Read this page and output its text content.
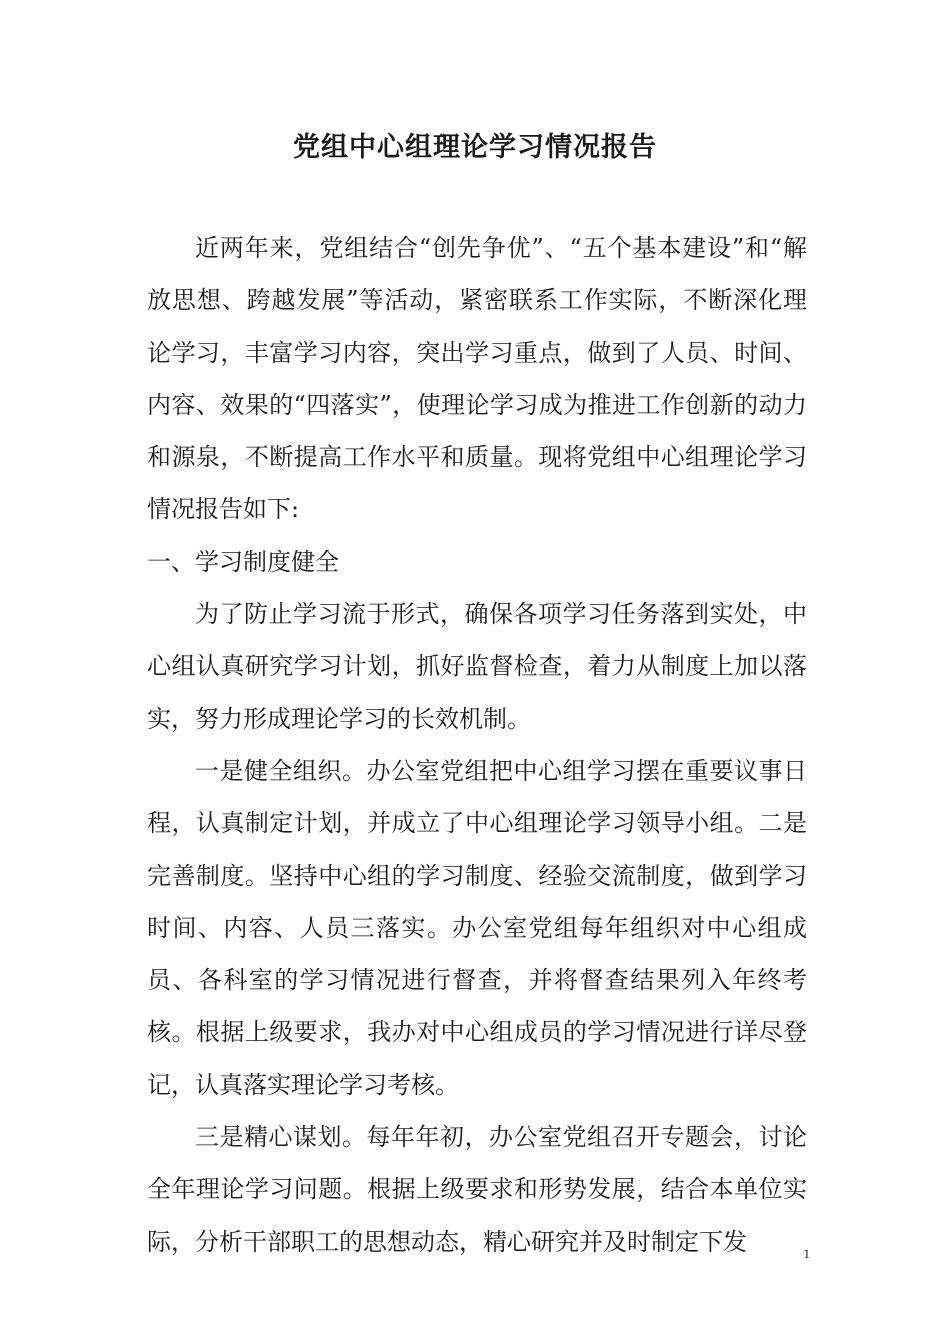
党组中心组理论学习情况报告

近两年来，党组结合“创先争优”、“五个基本建设”和“解放思想、跨越发展”等活动，紧密联系工作实际，不断深化理论学习，丰富学习内容，突出学习重点，做到了人员、时间、内容、效果的“四落实”，使理论学习成为推进工作创新的动力和源泉，不断提高工作水平和质量。现将党组中心组理论学习情况报告如下:

一、学习制度健全

为了防止学习流于形式，确保各项学习任务落到实处，中心组认真研究学习计划，抓好监督检查，着力从制度上加以落实，努力形成理论学习的长效机制。

一是健全组织。办公室党组把中心组学习摆在重要议事日程，认真制定计划，并成立了中心组理论学习领导小组。二是完善制度。坚持中心组的学习制度、经验交流制度，做到学习时间、内容、人员三落实。办公室党组每年组织对中心组成员、各科室的学习情况进行督查，并将督查结果列入年终考核。根据上级要求，我办对中心组成员的学习情况进行详尽登记，认真落实理论学习考核。

三是精心谋划。每年年初，办公室党组召开专题会，讨论全年理论学习问题。根据上级要求和形势发展，结合本单位实际，分析干部职工的思想动态，精心研究并及时制定下发	1
